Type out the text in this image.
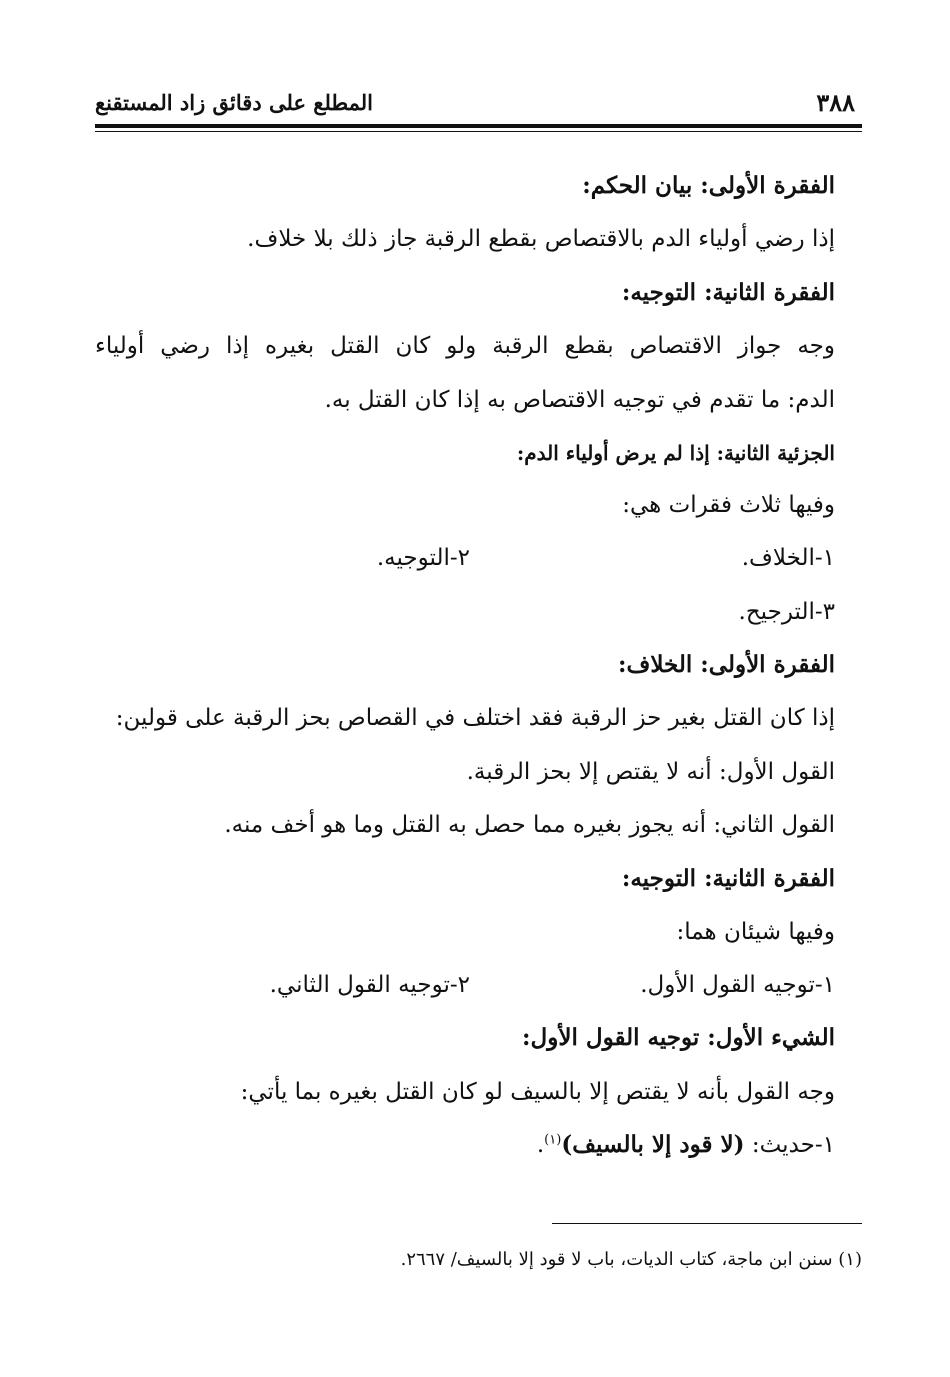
٣٨٨
المطلع على دقائق زاد المستقنع
الفقرة الأولى: بيان الحكم:
إذا رضي أولياء الدم بالاقتصاص بقطع الرقبة جاز ذلك بلا خلاف.
الفقرة الثانية: التوجيه:
وجه جواز الاقتصاص بقطع الرقبة ولو كان القتل بغيره إذا رضي أولياء
الدم: ما تقدم في توجيه الاقتصاص به إذا كان القتل به.
الجزئية الثانية: إذا لم يرض أولياء الدم:
وفيها ثلاث فقرات هي:
١-الخلاف.
٢-التوجيه.
٣-الترجيح.
الفقرة الأولى: الخلاف:
إذا كان القتل بغير حز الرقبة فقد اختلف في القصاص بحز الرقبة على قولين:
القول الأول: أنه لا يقتص إلا بحز الرقبة.
القول الثاني: أنه يجوز بغيره مما حصل به القتل وما هو أخف منه.
الفقرة الثانية: التوجيه:
وفيها شيئان هما:
١-توجيه القول الأول.
٢-توجيه القول الثاني.
الشيء الأول: توجيه القول الأول:
وجه القول بأنه لا يقتص إلا بالسيف لو كان القتل بغيره بما يأتي:
١-حديث: (لا قود إلا بالسيف)$^{(١)}$.
(١) سنن ابن ماجة، كتاب الديات، باب لا قود إلا بالسيف/ ٢٦٦٧.
